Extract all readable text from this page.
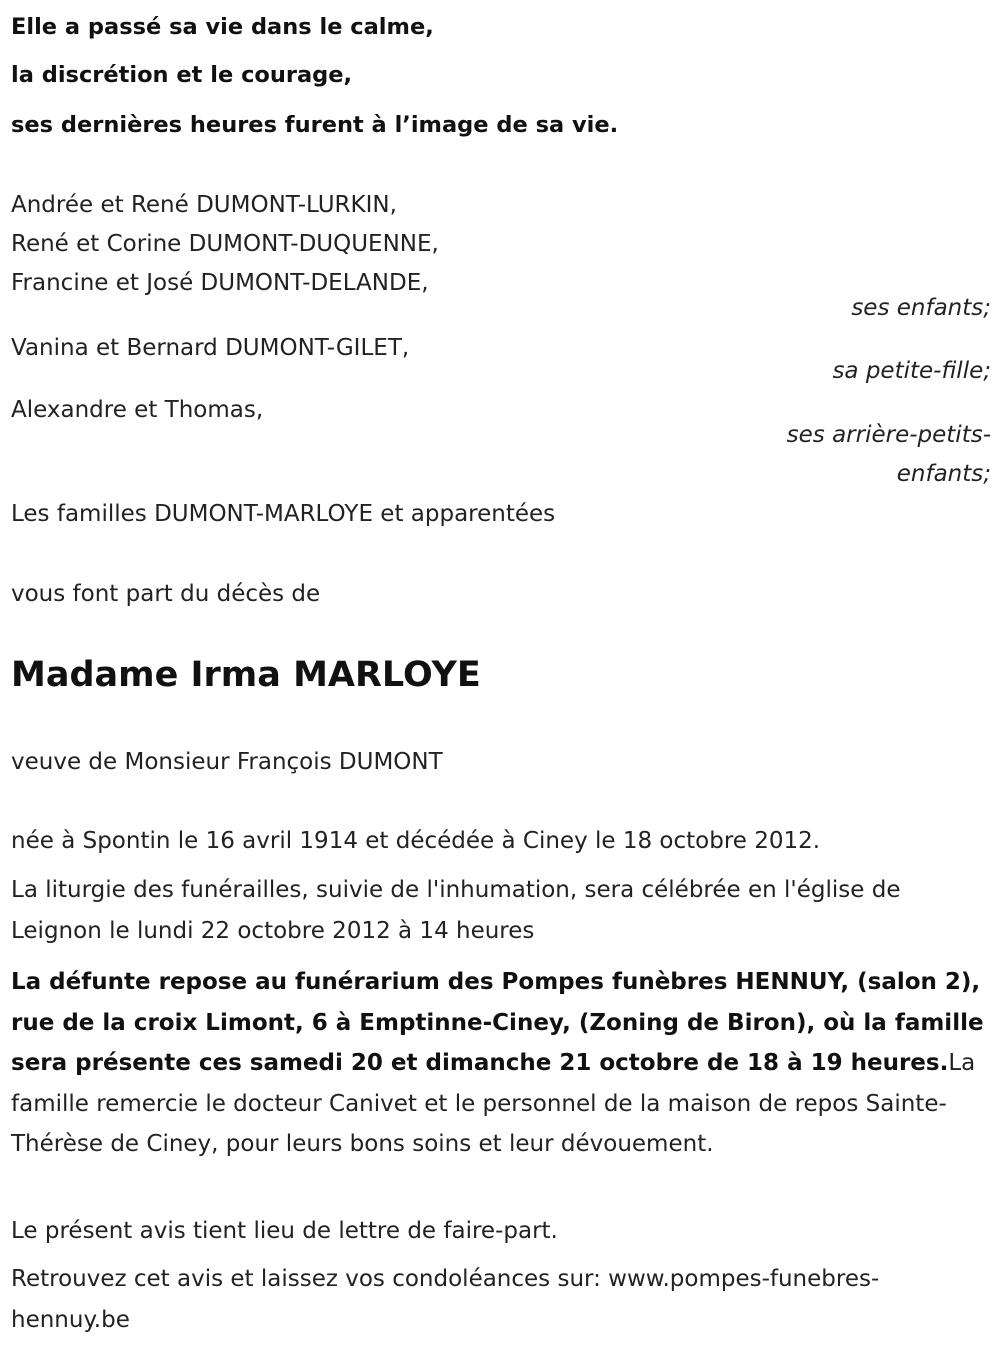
Elle a passé sa vie dans le calme,
la discrétion et le courage,
ses dernières heures furent à l’image de sa vie.
Andrée et René DUMONT-LURKIN,
René et Corine DUMONT-DUQUENNE,
Francine et José DUMONT-DELANDE,
ses enfants;
Vanina et Bernard DUMONT-GILET,
sa petite-fille;
Alexandre et Thomas,
ses arrière-petits-
enfants;
Les familles DUMONT-MARLOYE et apparentées
vous font part du décès de
Madame Irma MARLOYE
veuve de Monsieur François DUMONT
née à Spontin le 16 avril 1914 et décédée à Ciney le 18 octobre 2012.
La liturgie des funérailles, suivie de l'inhumation, sera célébrée en l'église de Leignon le lundi 22 octobre 2012 à 14 heures
La défunte repose au funérarium des Pompes funèbres HENNUY, (salon 2), rue de la croix Limont, 6 à Emptinne-Ciney, (Zoning de Biron), où la famille sera présente ces samedi 20 et dimanche 21 octobre de 18 à 19 heures.La famille remercie le docteur Canivet et le personnel de la maison de repos Sainte-Thérèse de Ciney, pour leurs bons soins et leur dévouement.
Le présent avis tient lieu de lettre de faire-part.
Retrouvez cet avis et laissez vos condoléances sur: www.pompes-funebres-hennuy.be
